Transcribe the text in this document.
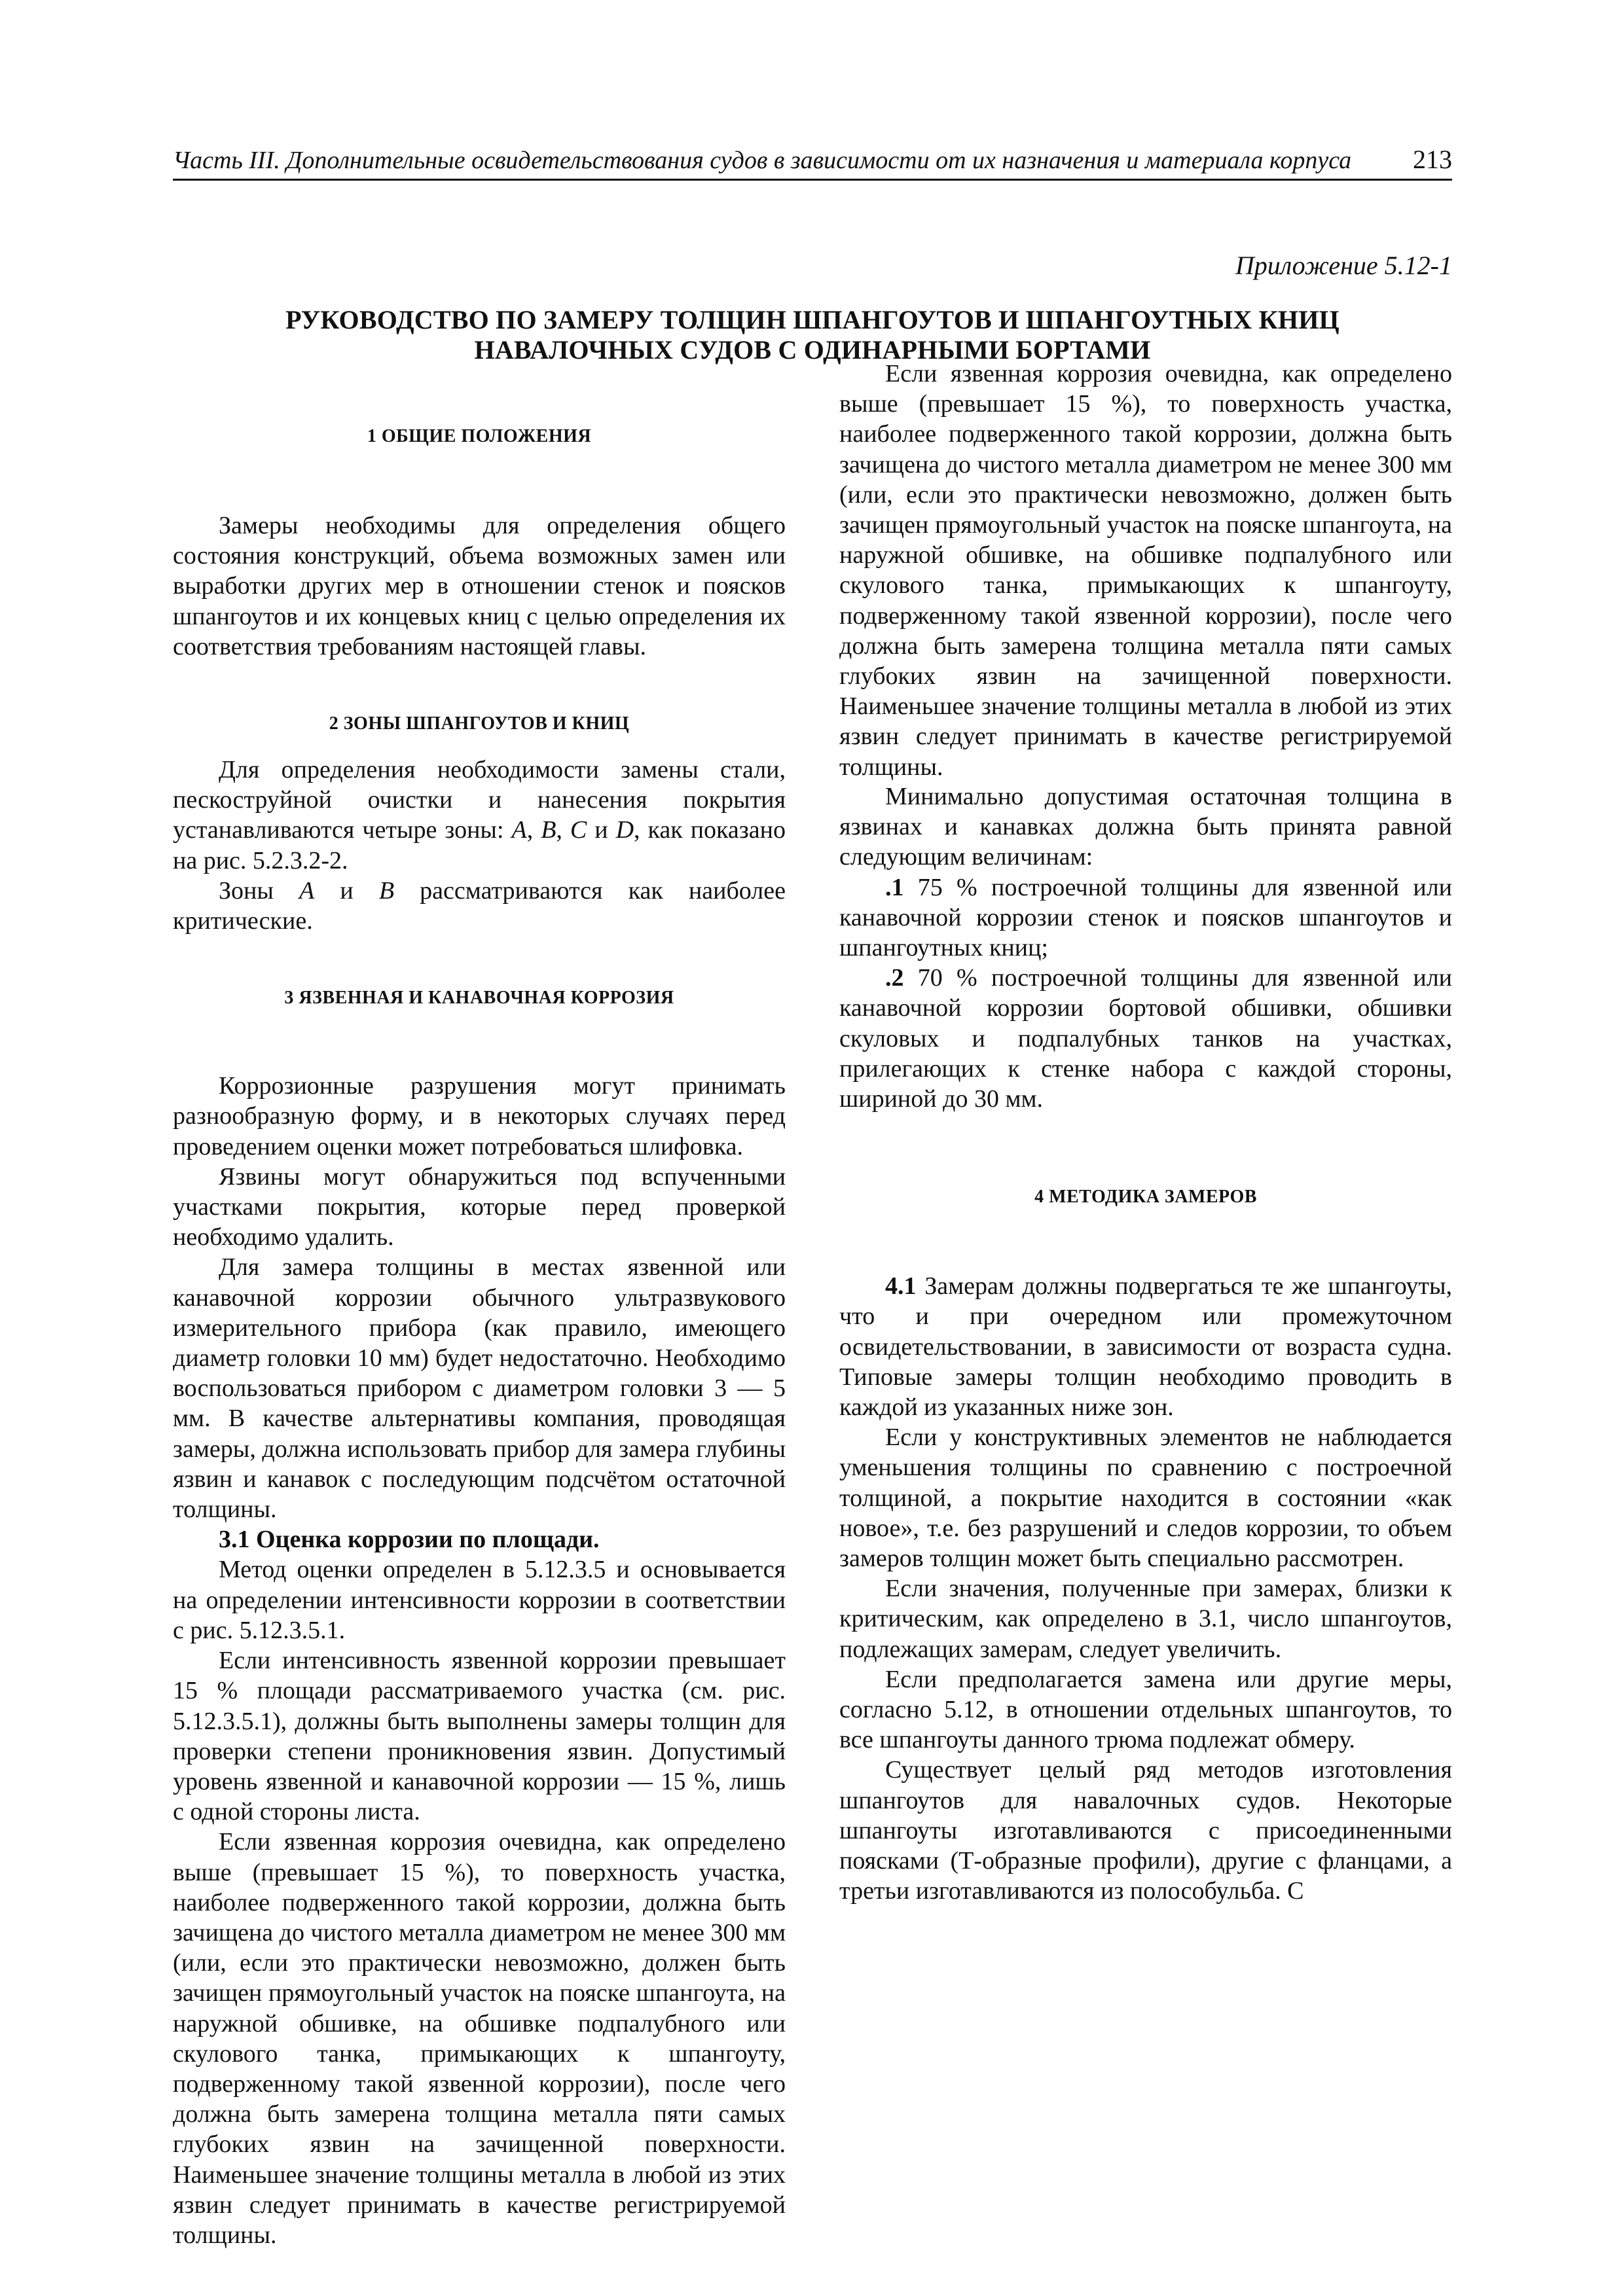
Часть III. Дополнительные освидетельствования судов в зависимости от их назначения и материала корпуса 213
Приложение 5.12-1
РУКОВОДСТВО ПО ЗАМЕРУ ТОЛЩИН ШПАНГОУТОВ И ШПАНГОУТНЫХ КНИЦ
НАВАЛОЧНЫХ СУДОВ С ОДИНАРНЫМИ БОРТАМИ
1 ОБЩИЕ ПОЛОЖЕНИЯ

Замеры необходимы для определения общего состояния конструкций, объема возможных замен или выработки других мер в отношении стенок и поясков шпангоутов и их концевых книц с целью определения их соответствия требованиям настоящей главы.

2 ЗОНЫ ШПАНГОУТОВ И КНИЦ

Для определения необходимости замены стали, пескоструйной очистки и нанесения покрытия устанавливаются четыре зоны: A, B, C и D, как показано на рис. 5.2.3.2-2.

Зоны A и B рассматриваются как наиболее критические.

3 ЯЗВЕННАЯ И КАНАВОЧНАЯ КОРРОЗИЯ

Коррозионные разрушения могут принимать разнообразную форму, и в некоторых случаях перед проведением оценки может потребоваться шлифовка.

Язвины могут обнаружиться под вспученными участками покрытия, которые перед проверкой необходимо удалить.

Для замера толщины в местах язвенной или канавочной коррозии обычного ультразвукового измерительного прибора (как правило, имеющего диаметр головки 10 мм) будет недостаточно. Необходимо воспользоваться прибором с диаметром головки 3 — 5 мм. В качестве альтернативы компания, проводящая замеры, должна использовать прибор для замера глубины язвин и канавок с последующим подсчётом остаточной толщины.

3.1 Оценка коррозии по площади.

Метод оценки определен в 5.12.3.5 и основывается на определении интенсивности коррозии в соответствии с рис. 5.12.3.5.1.

Если интенсивность язвенной коррозии превышает 15 % площади рассматриваемого участка (см. рис. 5.12.3.5.1), должны быть выполнены замеры толщин для проверки степени проникновения язвин. Допустимый уровень язвенной и канавочной коррозии — 15 %, лишь с одной стороны листа.

Если язвенная коррозия очевидна, как определено выше (превышает 15 %), то поверхность участка, наиболее подверженного такой коррозии, должна быть зачищена до чистого металла диаметром не менее 300 мм (или, если это практически невозможно, должен быть зачищен прямоугольный участок на пояске шпангоута, на наружной обшивке, на обшивке подпалубного или скулового танка, примыкающих к шпангоуту, подверженному такой язвенной коррозии), после чего должна быть замерена толщина металла пяти самых глубоких язвин на зачищенной поверхности. Наименьшее значение толщины металла в любой из этих язвин следует принимать в качестве регистрируемой толщины.

Если язвенная коррозия очевидна, как определено выше (превышает 15 %), то поверхность участка, наиболее подверженного такой коррозии, должна быть зачищена до чистого металла диаметром не менее 300 мм (или, если это практически невозможно, должен быть зачищен прямоугольный участок на пояске шпангоута, на наружной обшивке, на обшивке подпалубного или скулового танка, примыкающих к шпангоуту, подверженному такой язвенной коррозии), после чего должна быть замерена толщина металла пяти самых глубоких язвин на зачищенной поверхности. Наименьшее значение толщины металла в любой из этих язвин следует принимать в качестве регистрируемой толщины.

Минимально допустимая остаточная толщина в язвинах и канавках должна быть принята равной следующим величинам:

.1 75 % построечной толщины для язвенной или канавочной коррозии стенок и поясков шпангоутов и шпангоутных книц;

.2 70 % построечной толщины для язвенной или канавочной коррозии бортовой обшивки, обшивки скуловых и подпалубных танков на участках, прилегающих к стенке набора с каждой стороны, шириной до 30 мм.

4 МЕТОДИКА ЗАМЕРОВ

4.1 Замерам должны подвергаться те же шпангоуты, что и при очередном или промежуточном освидетельствовании, в зависимости от возраста судна. Типовые замеры толщин необходимо проводить в каждой из указанных ниже зон.

Если у конструктивных элементов не наблюдается уменьшения толщины по сравнению с построечной толщиной, а покрытие находится в состоянии «как новое», т.е. без разрушений и следов коррозии, то объем замеров толщин может быть специально рассмотрен.

Если значения, полученные при замерах, близки к критическим, как определено в 3.1, число шпангоутов, подлежащих замерам, следует увеличить.

Если предполагается замена или другие меры, согласно 5.12, в отношении отдельных шпангоутов, то все шпангоуты данного трюма подлежат обмеру.

Существует целый ряд методов изготовления шпангоутов для навалочных судов. Некоторые шпангоуты изготавливаются с присоединенными поясками (Т-образные профили), другие с фланцами, а третьи изготавливаются из полособульба. С
